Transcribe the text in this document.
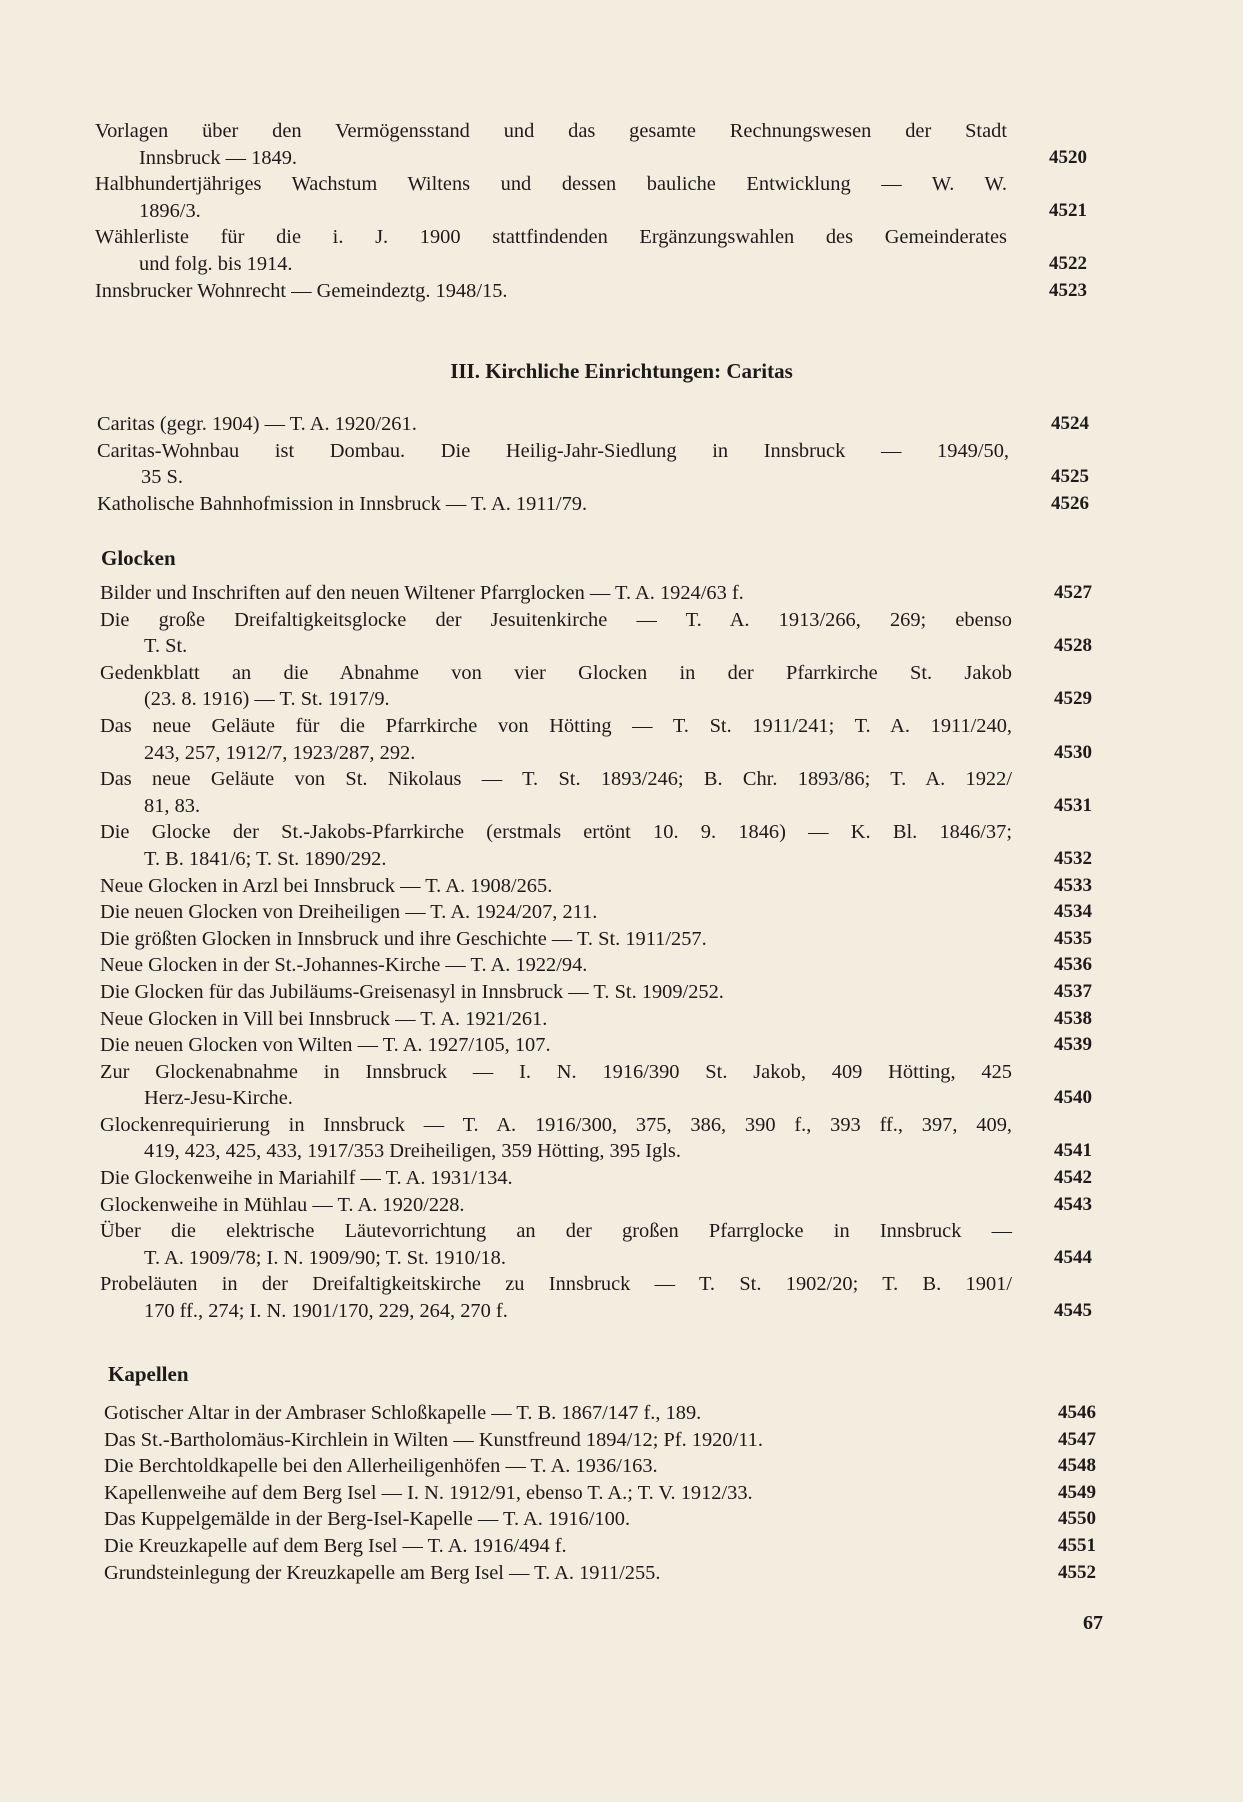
Vorlagen über den Vermögensstand und das gesamte Rechnungswesen der Stadt
Innsbruck — 1849.	4520
Halbhundertjähriges Wachstum Wiltens und dessen bauliche Entwicklung — W. W.
1896/3.	4521
Wählerliste für die i. J. 1900 stattfindenden Ergänzungswahlen des Gemeinderates
und folg. bis 1914.	4522
Innsbrucker Wohnrecht — Gemeindeztg. 1948/15.	4523
III. Kirchliche Einrichtungen: Caritas
Caritas (gegr. 1904) — T. A. 1920/261.	4524
Caritas-Wohnbau ist Dombau. Die Heilig-Jahr-Siedlung in Innsbruck — 1949/50,
35 S.	4525
Katholische Bahnhofmission in Innsbruck — T. A. 1911/79.	4526
Glocken
Bilder und Inschriften auf den neuen Wiltener Pfarrglocken — T. A. 1924/63 f.	4527
Die große Dreifaltigkeitsglocke der Jesuitenkirche — T. A. 1913/266, 269; ebenso
T. St.	4528
Gedenkblatt an die Abnahme von vier Glocken in der Pfarrkirche St. Jakob
(23. 8. 1916) — T. St. 1917/9.	4529
Das neue Geläute für die Pfarrkirche von Hötting — T. St. 1911/241; T. A. 1911/240,
243, 257, 1912/7, 1923/287, 292.	4530
Das neue Geläute von St. Nikolaus — T. St. 1893/246; B. Chr. 1893/86; T. A. 1922/
81, 83.	4531
Die Glocke der St.-Jakobs-Pfarrkirche (erstmals ertönt 10. 9. 1846) — K. Bl. 1846/37;
T. B. 1841/6; T. St. 1890/292.	4532
Neue Glocken in Arzl bei Innsbruck — T. A. 1908/265.	4533
Die neuen Glocken von Dreiheiligen — T. A. 1924/207, 211.	4534
Die größten Glocken in Innsbruck und ihre Geschichte — T. St. 1911/257.	4535
Neue Glocken in der St.-Johannes-Kirche — T. A. 1922/94.	4536
Die Glocken für das Jubiläums-Greisenasyl in Innsbruck — T. St. 1909/252.	4537
Neue Glocken in Vill bei Innsbruck — T. A. 1921/261.	4538
Die neuen Glocken von Wilten — T. A. 1927/105, 107.	4539
Zur Glockenabnahme in Innsbruck — I. N. 1916/390 St. Jakob, 409 Hötting, 425
Herz-Jesu-Kirche.	4540
Glockenrequirierung in Innsbruck — T. A. 1916/300, 375, 386, 390 f., 393 ff., 397, 409,
419, 423, 425, 433, 1917/353 Dreiheiligen, 359 Hötting, 395 Igls.	4541
Die Glockenweihe in Mariahilf — T. A. 1931/134.	4542
Glockenweihe in Mühlau — T. A. 1920/228.	4543
Über die elektrische Läutevorrichtung an der großen Pfarrglocke in Innsbruck —
T. A. 1909/78; I. N. 1909/90; T. St. 1910/18.	4544
Probeläuten in der Dreifaltigkeitskirche zu Innsbruck — T. St. 1902/20; T. B. 1901/
170 ff., 274; I. N. 1901/170, 229, 264, 270 f.	4545
Kapellen
Gotischer Altar in der Ambraser Schloßkapelle — T. B. 1867/147 f., 189.	4546
Das St.-Bartholomäus-Kirchlein in Wilten — Kunstfreund 1894/12; Pf. 1920/11.	4547
Die Berchtoldkapelle bei den Allerheiligenhöfen — T. A. 1936/163.	4548
Kapellenweihe auf dem Berg Isel — I. N. 1912/91, ebenso T. A.; T. V. 1912/33.	4549
Das Kuppelgemälde in der Berg-Isel-Kapelle — T. A. 1916/100.	4550
Die Kreuzkapelle auf dem Berg Isel — T. A. 1916/494 f.	4551
Grundsteinlegung der Kreuzkapelle am Berg Isel — T. A. 1911/255.	4552
67
